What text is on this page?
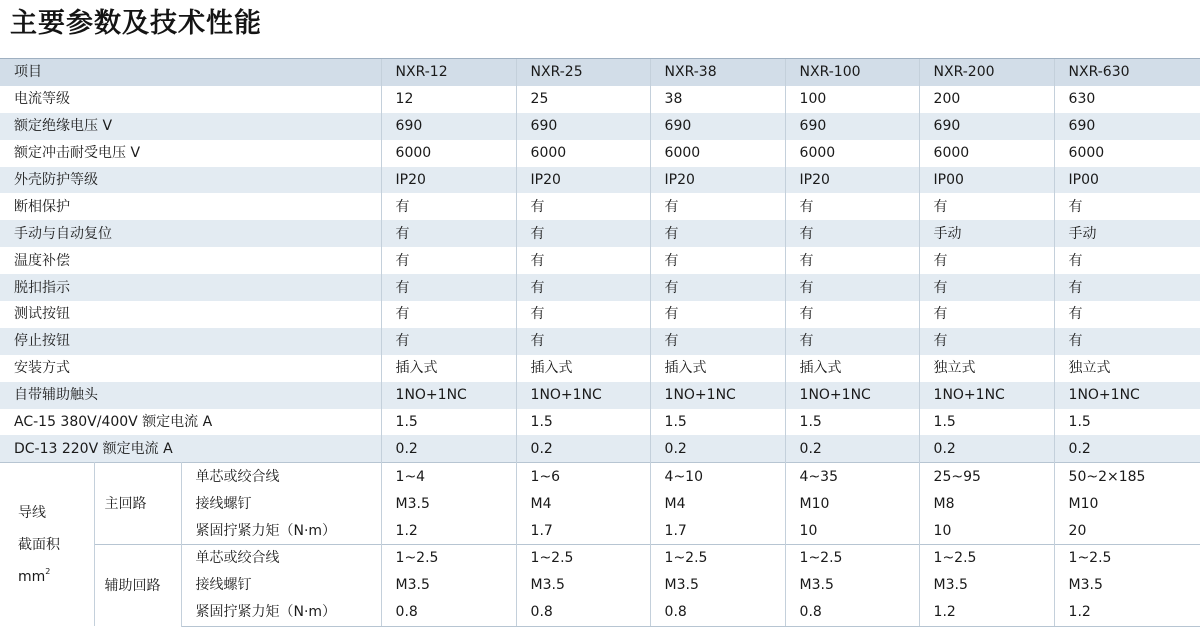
主要参数及技术性能
项目			NXR-12	NXR-25	NXR-38	NXR-100	NXR-200	NXR-630
电流等级			12	25	38	100	200	630
额定绝缘电压 V			690	690	690	690	690	690
额定冲击耐受电压 V			6000	6000	6000	6000	6000	6000
外壳防护等级			IP20	IP20	IP20	IP20	IP00	IP00
断相保护			有	有	有	有	有	有
手动与自动复位			有	有	有	有	手动	手动
温度补偿			有	有	有	有	有	有
脱扣指示			有	有	有	有	有	有
测试按钮			有	有	有	有	有	有
停止按钮			有	有	有	有	有	有
安装方式			插入式	插入式	插入式	插入式	独立式	独立式
自带辅助触头			1NO+1NC	1NO+1NC	1NO+1NC	1NO+1NC	1NO+1NC	1NO+1NC
AC-15 380V/400V 额定电流 A			1.5	1.5	1.5	1.5	1.5	1.5
DC-13 220V 额定电流 A			0.2	0.2	0.2	0.2	0.2	0.2

导线
截面积
$mm^2$	主回路	单芯或绞合线	1~4	1~6	4~10	4~35	25~95	50~2×185
		接线螺钉	M3.5	M4	M4	M10	M8	M10
		紧固拧紧力矩（N·m）	1.2	1.7	1.7	10	10	20
	辅助回路	单芯或绞合线	1~2.5	1~2.5	1~2.5	1~2.5	1~2.5	1~2.5
		接线螺钉	M3.5	M3.5	M3.5	M3.5	M3.5	M3.5
		紧固拧紧力矩（N·m）	0.8	0.8	0.8	0.8	1.2	1.2
